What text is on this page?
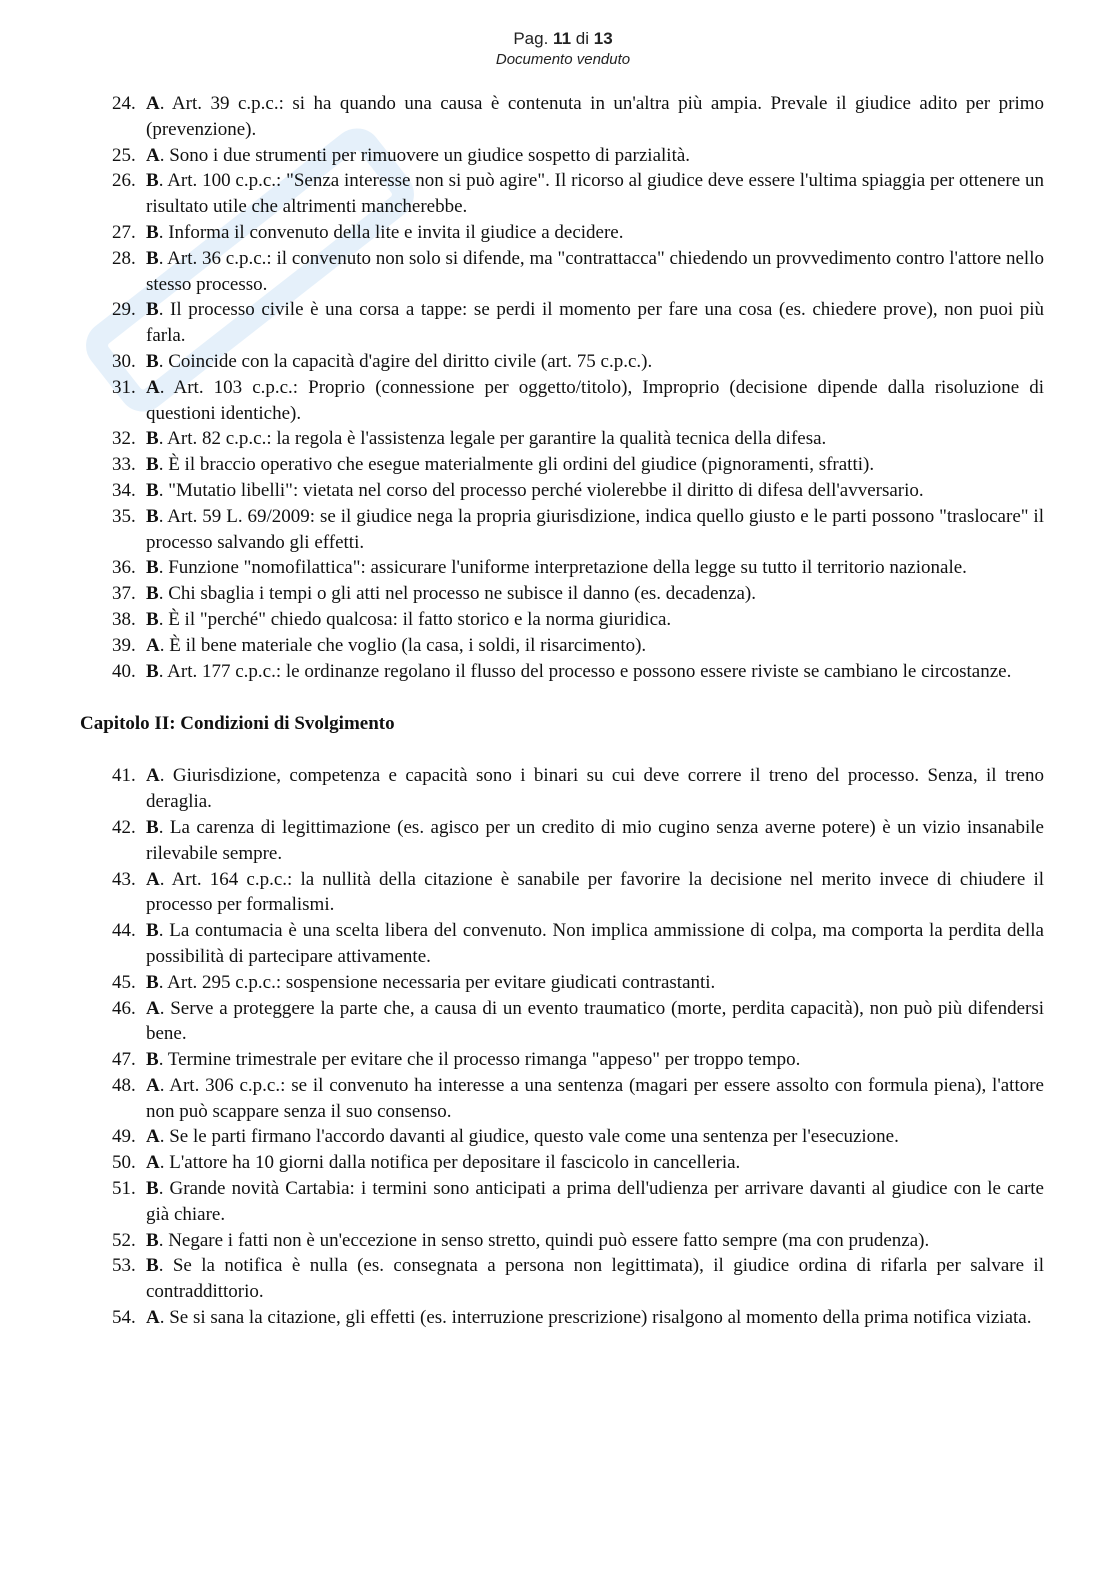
Pag. 11 di 13
Documento venduto
24. A. Art. 39 c.p.c.: si ha quando una causa è contenuta in un'altra più ampia. Prevale il giudice adito per primo (prevenzione).
25. A. Sono i due strumenti per rimuovere un giudice sospetto di parzialità.
26. B. Art. 100 c.p.c.: "Senza interesse non si può agire". Il ricorso al giudice deve essere l'ultima spiaggia per ottenere un risultato utile che altrimenti mancherebbe.
27. B. Informa il convenuto della lite e invita il giudice a decidere.
28. B. Art. 36 c.p.c.: il convenuto non solo si difende, ma "contrattacca" chiedendo un provvedimento contro l'attore nello stesso processo.
29. B. Il processo civile è una corsa a tappe: se perdi il momento per fare una cosa (es. chiedere prove), non puoi più farla.
30. B. Coincide con la capacità d'agire del diritto civile (art. 75 c.p.c.).
31. A. Art. 103 c.p.c.: Proprio (connessione per oggetto/titolo), Improprio (decisione dipende dalla risoluzione di questioni identiche).
32. B. Art. 82 c.p.c.: la regola è l'assistenza legale per garantire la qualità tecnica della difesa.
33. B. È il braccio operativo che esegue materialmente gli ordini del giudice (pignoramenti, sfratti).
34. B. "Mutatio libelli": vietata nel corso del processo perché violerebbe il diritto di difesa dell'avversario.
35. B. Art. 59 L. 69/2009: se il giudice nega la propria giurisdizione, indica quello giusto e le parti possono "traslocare" il processo salvando gli effetti.
36. B. Funzione "nomofilattica": assicurare l'uniforme interpretazione della legge su tutto il territorio nazionale.
37. B. Chi sbaglia i tempi o gli atti nel processo ne subisce il danno (es. decadenza).
38. B. È il "perché" chiedo qualcosa: il fatto storico e la norma giuridica.
39. A. È il bene materiale che voglio (la casa, i soldi, il risarcimento).
40. B. Art. 177 c.p.c.: le ordinanze regolano il flusso del processo e possono essere riviste se cambiano le circostanze.
Capitolo II: Condizioni di Svolgimento
41. A. Giurisdizione, competenza e capacità sono i binari su cui deve correre il treno del processo. Senza, il treno deraglia.
42. B. La carenza di legittimazione (es. agisco per un credito di mio cugino senza averne potere) è un vizio insanabile rilevabile sempre.
43. A. Art. 164 c.p.c.: la nullità della citazione è sanabile per favorire la decisione nel merito invece di chiudere il processo per formalismi.
44. B. La contumacia è una scelta libera del convenuto. Non implica ammissione di colpa, ma comporta la perdita della possibilità di partecipare attivamente.
45. B. Art. 295 c.p.c.: sospensione necessaria per evitare giudicati contrastanti.
46. A. Serve a proteggere la parte che, a causa di un evento traumatico (morte, perdita capacità), non può più difendersi bene.
47. B. Termine trimestrale per evitare che il processo rimanga "appeso" per troppo tempo.
48. A. Art. 306 c.p.c.: se il convenuto ha interesse a una sentenza (magari per essere assolto con formula piena), l'attore non può scappare senza il suo consenso.
49. A. Se le parti firmano l'accordo davanti al giudice, questo vale come una sentenza per l'esecuzione.
50. A. L'attore ha 10 giorni dalla notifica per depositare il fascicolo in cancelleria.
51. B. Grande novità Cartabia: i termini sono anticipati a prima dell'udienza per arrivare davanti al giudice con le carte già chiare.
52. B. Negare i fatti non è un'eccezione in senso stretto, quindi può essere fatto sempre (ma con prudenza).
53. B. Se la notifica è nulla (es. consegnata a persona non legittimata), il giudice ordina di rifarla per salvare il contraddittorio.
54. A. Se si sana la citazione, gli effetti (es. interruzione prescrizione) risalgono al momento della prima notifica viziata.
